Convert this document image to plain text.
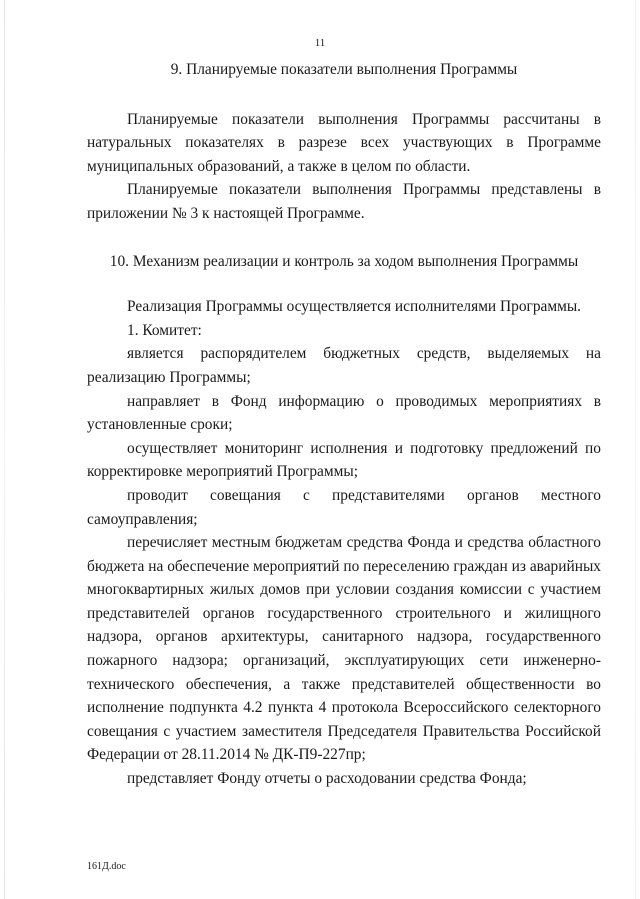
11

9. Планируемые показатели выполнения Программы

Планируемые показатели выполнения Программы рассчитаны в натуральных показателях в разрезе всех участвующих в Программе муниципальных образований, а также в целом по области.

Планируемые показатели выполнения Программы представлены в приложении № 3 к настоящей Программе.

10. Механизм реализации и контроль за ходом выполнения Программы

Реализация Программы осуществляется исполнителями Программы.

1. Комитет:

является распорядителем бюджетных средств, выделяемых на реализацию Программы;

направляет в Фонд информацию о проводимых мероприятиях в установленные сроки;

осуществляет мониторинг исполнения и подготовку предложений по корректировке мероприятий Программы;

проводит совещания с представителями органов местного самоуправления;

перечисляет местным бюджетам средства Фонда и средства областного бюджета на обеспечение мероприятий по переселению граждан из аварийных многоквартирных жилых домов при условии создания комиссии с участием представителей органов государственного строительного и жилищного надзора, органов архитектуры, санитарного надзора, государственного пожарного надзора; организаций, эксплуатирующих сети инженерно-технического обеспечения, а также представителей общественности во исполнение подпункта 4.2 пункта 4 протокола Всероссийского селекторного совещания с участием заместителя Председателя Правительства Российской Федерации от 28.11.2014 № ДК-П9-227пр;

представляет Фонду отчеты о расходовании средства Фонда;

161Д.doc
